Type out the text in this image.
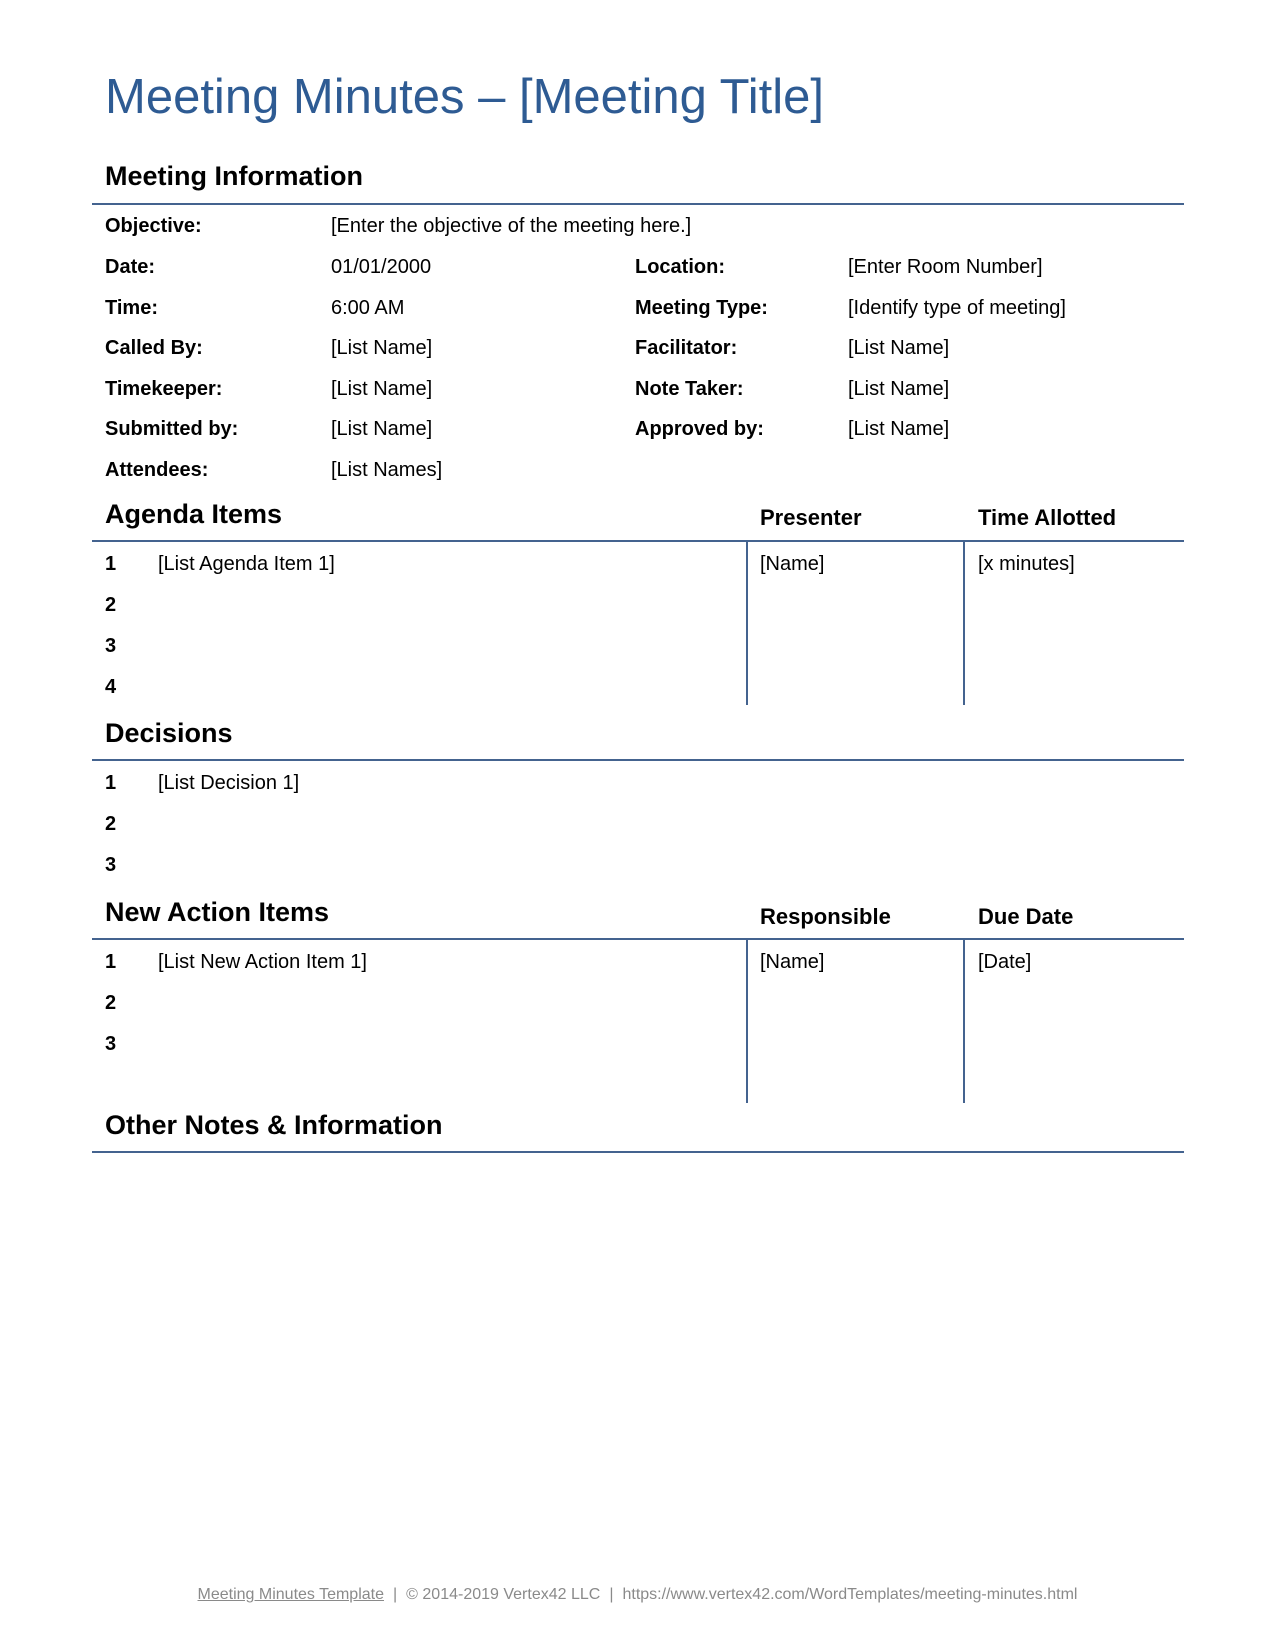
Meeting Minutes – [Meeting Title]
Meeting Information
Objective:	[Enter the objective of the meeting here.]
Date:	01/01/2000	Location:	[Enter Room Number]
Time:	6:00 AM	Meeting Type:	[Identify type of meeting]
Called By:	[List Name]	Facilitator:	[List Name]
Timekeeper:	[List Name]	Note Taker:	[List Name]
Submitted by:	[List Name]	Approved by:	[List Name]
Attendees:	[List Names]
Agenda Items	Presenter	Time Allotted
1 [List Agenda Item 1]	[Name]	[x minutes]
2
3
4
Decisions
1 [List Decision 1]
2
3
New Action Items	Responsible	Due Date
1 [List New Action Item 1]	[Name]	[Date]
2
3
Other Notes & Information
Meeting Minutes Template | © 2014-2019 Vertex42 LLC | https://www.vertex42.com/WordTemplates/meeting-minutes.html
